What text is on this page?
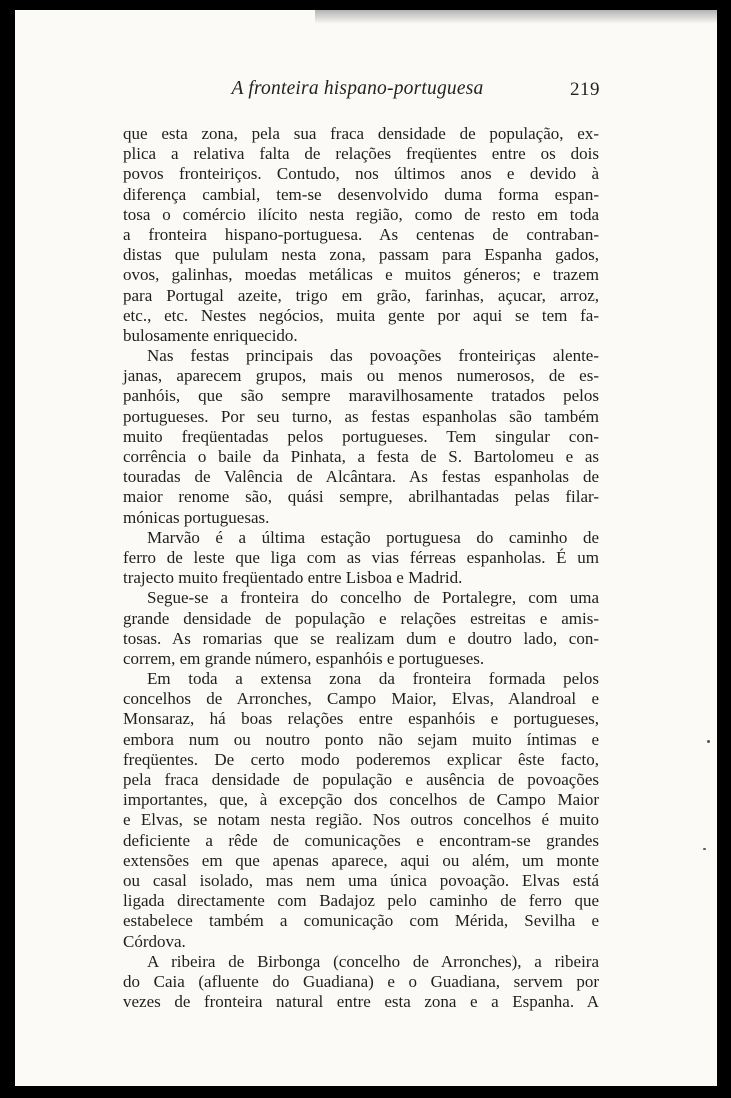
A fronteira hispano-portuguesa	219
que esta zona, pela sua fraca densidade de população, ex-
plica a relativa falta de relações freqüentes entre os dois
povos fronteiriços. Contudo, nos últimos anos e devido à
diferença cambial, tem-se desenvolvido duma forma espan-
tosa o comércio ilícito nesta região, como de resto em toda
a fronteira hispano-portuguesa. As centenas de contraban-
distas que pululam nesta zona, passam para Espanha gados,
ovos, galinhas, moedas metálicas e muitos géneros; e trazem
para Portugal azeite, trigo em grão, farinhas, açucar, arroz,
etc., etc. Nestes negócios, muita gente por aqui se tem fa-
bulosamente enriquecido.
Nas festas principais das povoações fronteiriças alente-
janas, aparecem grupos, mais ou menos numerosos, de es-
panhóis, que são sempre maravilhosamente tratados pelos
portugueses. Por seu turno, as festas espanholas são também
muito freqüentadas pelos portugueses. Tem singular con-
corrência o baile da Pinhata, a festa de S. Bartolomeu e as
touradas de Valência de Alcântara. As festas espanholas de
maior renome são, quási sempre, abrilhantadas pelas filar-
mónicas portuguesas.
Marvão é a última estação portuguesa do caminho de
ferro de leste que liga com as vias férreas espanholas. É um
trajecto muito freqüentado entre Lisboa e Madrid.
Segue-se a fronteira do concelho de Portalegre, com uma
grande densidade de população e relações estreitas e amis-
tosas. As romarias que se realizam dum e doutro lado, con-
correm, em grande número, espanhóis e portugueses.
Em toda a extensa zona da fronteira formada pelos
concelhos de Arronches, Campo Maior, Elvas, Alandroal e
Monsaraz, há boas relações entre espanhóis e portugueses,
embora num ou noutro ponto não sejam muito íntimas e
freqüentes. De certo modo poderemos explicar êste facto,
pela fraca densidade de população e ausência de povoações
importantes, que, à excepção dos concelhos de Campo Maior
e Elvas, se notam nesta região. Nos outros concelhos é muito
deficiente a rêde de comunicações e encontram-se grandes
extensões em que apenas aparece, aqui ou além, um monte
ou casal isolado, mas nem uma única povoação. Elvas está
ligada directamente com Badajoz pelo caminho de ferro que
estabelece também a comunicação com Mérida, Sevilha e
Córdova.
A ribeira de Birbonga (concelho de Arronches), a ribeira
do Caia (afluente do Guadiana) e o Guadiana, servem por
vezes de fronteira natural entre esta zona e a Espanha. A
